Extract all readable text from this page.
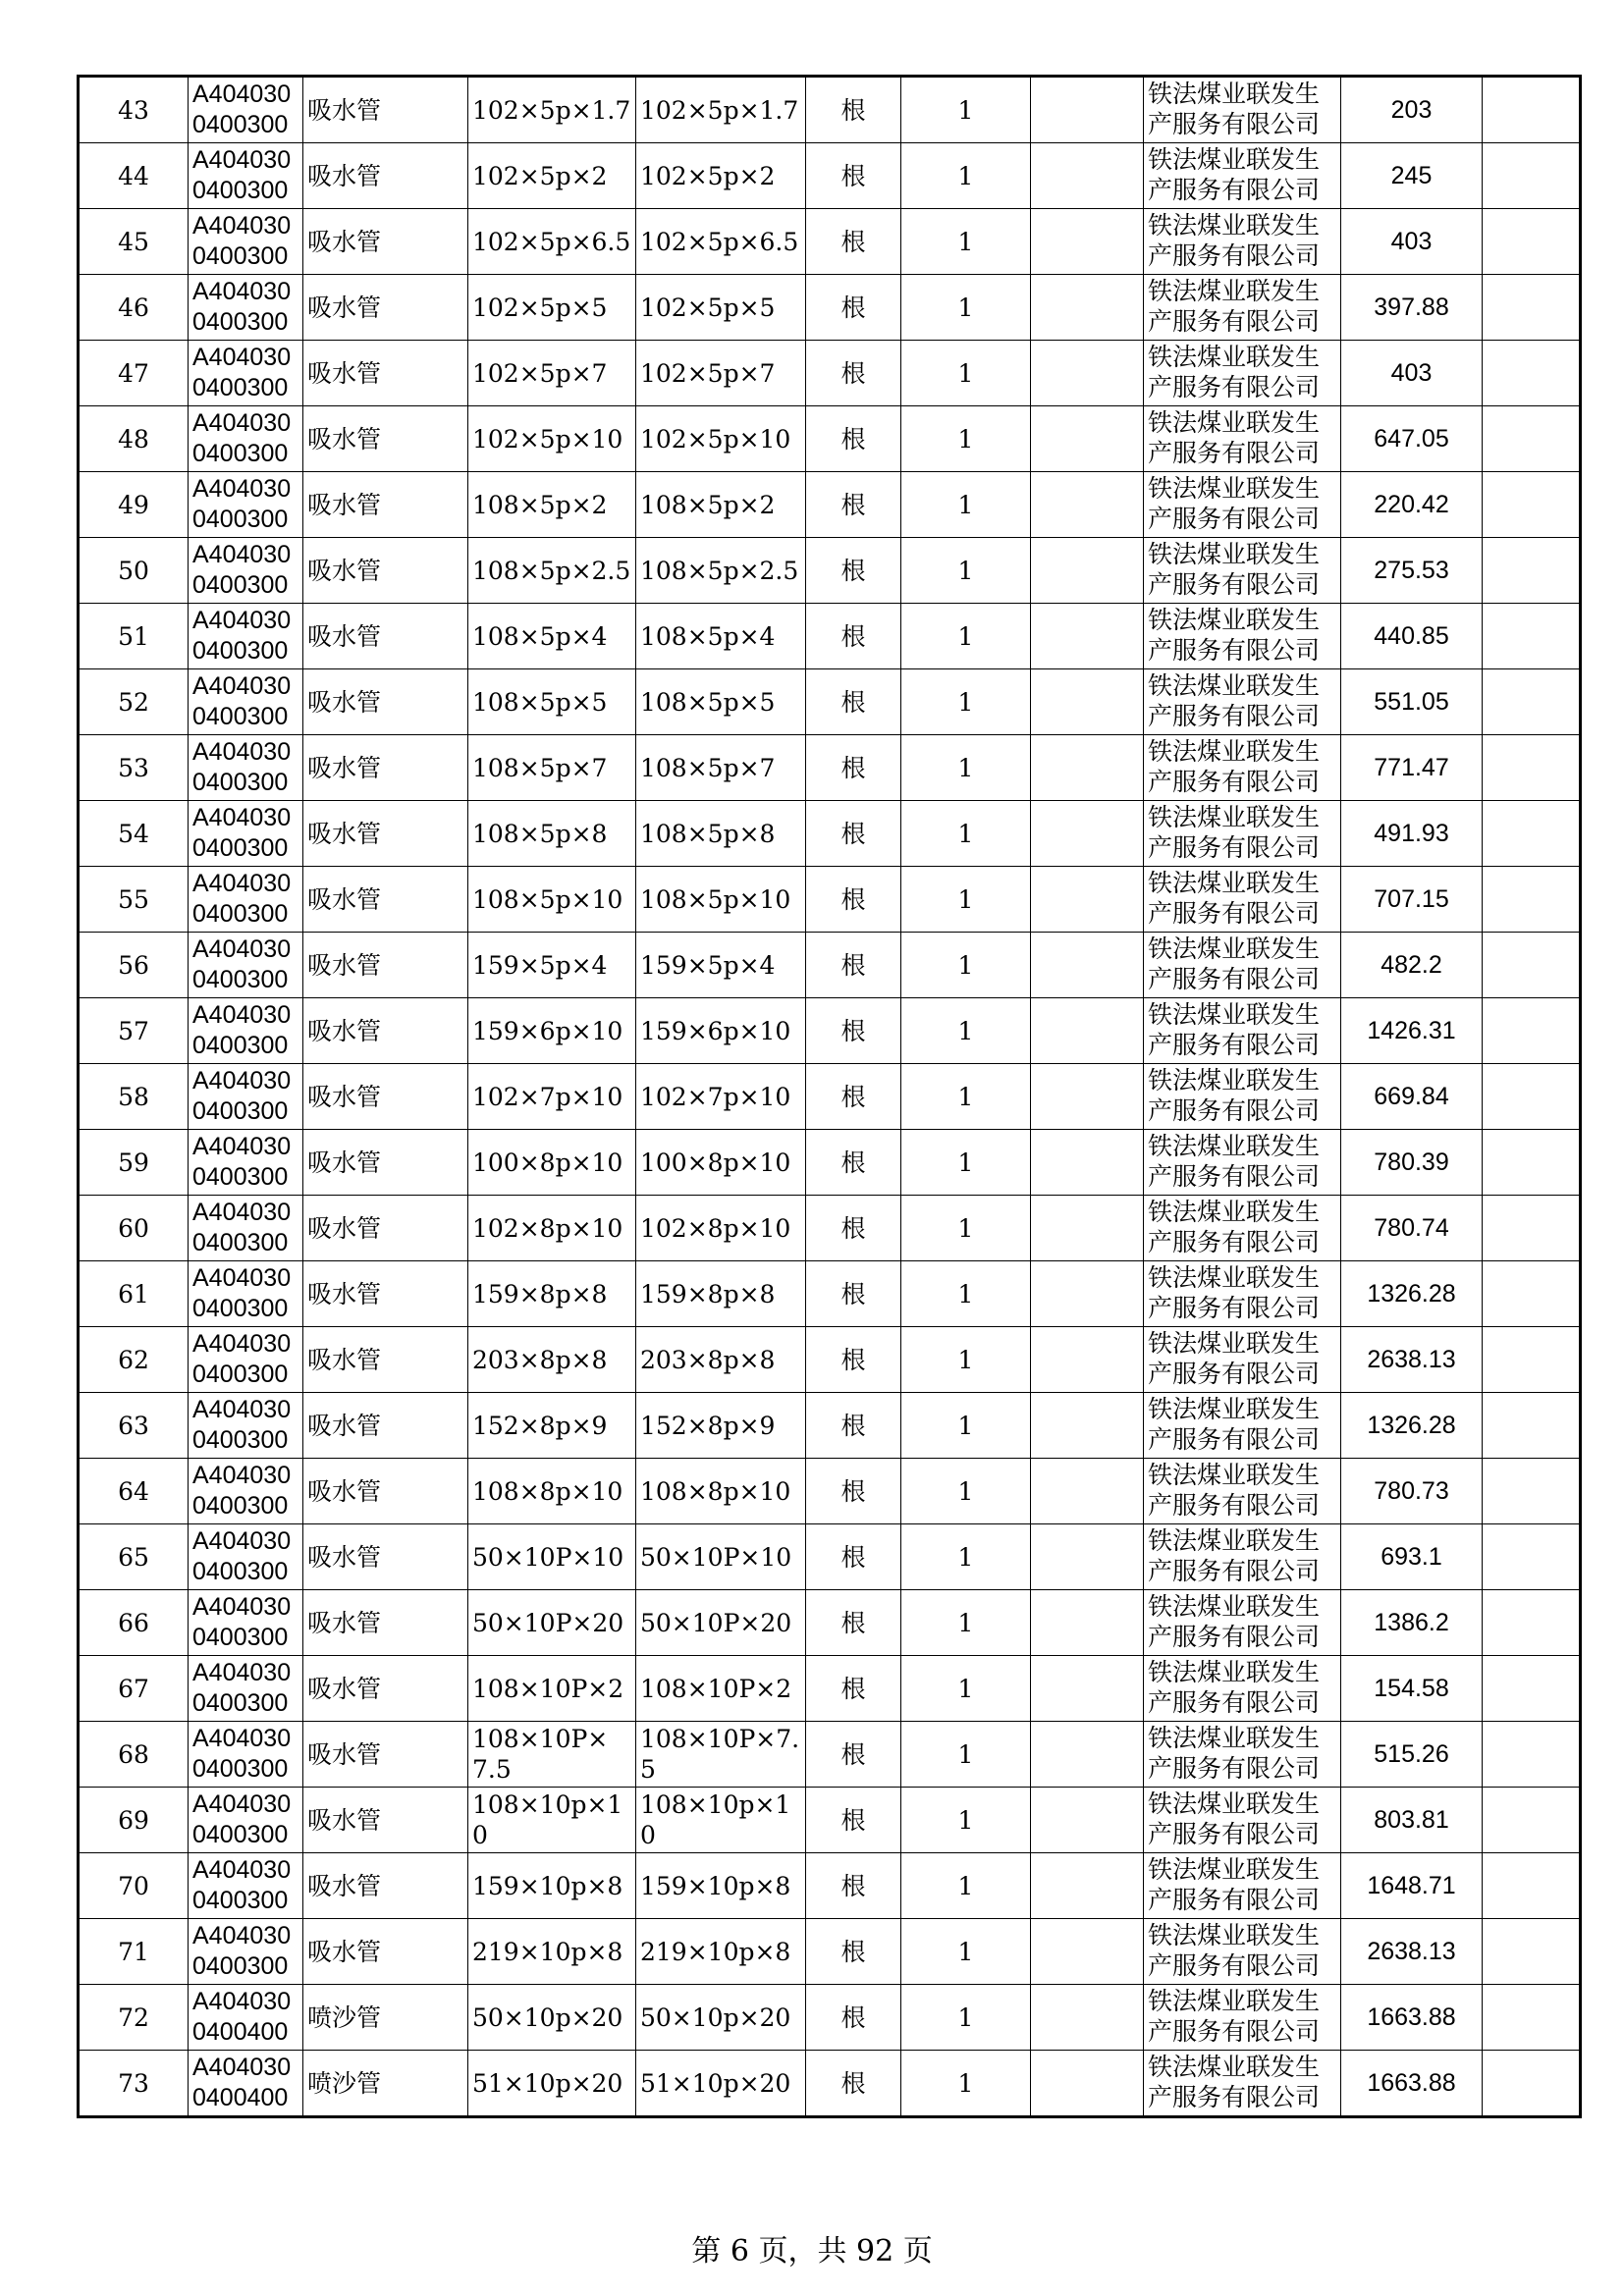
43	A4040300400300	吸水管	102×5p×1.7	102×5p×1.7	根	1		铁法煤业联发生产服务有限公司	203	
44	A4040300400300	吸水管	102×5p×2	102×5p×2	根	1		铁法煤业联发生产服务有限公司	245	
45	A4040300400300	吸水管	102×5p×6.5	102×5p×6.5	根	1		铁法煤业联发生产服务有限公司	403	
46	A4040300400300	吸水管	102×5p×5	102×5p×5	根	1		铁法煤业联发生产服务有限公司	397.88	
47	A4040300400300	吸水管	102×5p×7	102×5p×7	根	1		铁法煤业联发生产服务有限公司	403	
48	A4040300400300	吸水管	102×5p×10	102×5p×10	根	1		铁法煤业联发生产服务有限公司	647.05	
49	A4040300400300	吸水管	108×5p×2	108×5p×2	根	1		铁法煤业联发生产服务有限公司	220.42	
50	A4040300400300	吸水管	108×5p×2.5	108×5p×2.5	根	1		铁法煤业联发生产服务有限公司	275.53	
51	A4040300400300	吸水管	108×5p×4	108×5p×4	根	1		铁法煤业联发生产服务有限公司	440.85	
52	A4040300400300	吸水管	108×5p×5	108×5p×5	根	1		铁法煤业联发生产服务有限公司	551.05	
53	A4040300400300	吸水管	108×5p×7	108×5p×7	根	1		铁法煤业联发生产服务有限公司	771.47	
54	A4040300400300	吸水管	108×5p×8	108×5p×8	根	1		铁法煤业联发生产服务有限公司	491.93	
55	A4040300400300	吸水管	108×5p×10	108×5p×10	根	1		铁法煤业联发生产服务有限公司	707.15	
56	A4040300400300	吸水管	159×5p×4	159×5p×4	根	1		铁法煤业联发生产服务有限公司	482.2	
57	A4040300400300	吸水管	159×6p×10	159×6p×10	根	1		铁法煤业联发生产服务有限公司	1426.31	
58	A4040300400300	吸水管	102×7p×10	102×7p×10	根	1		铁法煤业联发生产服务有限公司	669.84	
59	A4040300400300	吸水管	100×8p×10	100×8p×10	根	1		铁法煤业联发生产服务有限公司	780.39	
60	A4040300400300	吸水管	102×8p×10	102×8p×10	根	1		铁法煤业联发生产服务有限公司	780.74	
61	A4040300400300	吸水管	159×8p×8	159×8p×8	根	1		铁法煤业联发生产服务有限公司	1326.28	
62	A4040300400300	吸水管	203×8p×8	203×8p×8	根	1		铁法煤业联发生产服务有限公司	2638.13	
63	A4040300400300	吸水管	152×8p×9	152×8p×9	根	1		铁法煤业联发生产服务有限公司	1326.28	
64	A4040300400300	吸水管	108×8p×10	108×8p×10	根	1		铁法煤业联发生产服务有限公司	780.73	
65	A4040300400300	吸水管	50×10P×10	50×10P×10	根	1		铁法煤业联发生产服务有限公司	693.1	
66	A4040300400300	吸水管	50×10P×20	50×10P×20	根	1		铁法煤业联发生产服务有限公司	1386.2	
67	A4040300400300	吸水管	108×10P×2	108×10P×2	根	1		铁法煤业联发生产服务有限公司	154.58	
68	A4040300400300	吸水管	108×10P×7.5	108×10P×7.5	根	1		铁法煤业联发生产服务有限公司	515.26	
69	A4040300400300	吸水管	108×10p×10	108×10p×10	根	1		铁法煤业联发生产服务有限公司	803.81	
70	A4040300400300	吸水管	159×10p×8	159×10p×8	根	1		铁法煤业联发生产服务有限公司	1648.71	
71	A4040300400300	吸水管	219×10p×8	219×10p×8	根	1		铁法煤业联发生产服务有限公司	2638.13	
72	A4040300400400	喷沙管	50×10p×20	50×10p×20	根	1		铁法煤业联发生产服务有限公司	1663.88	
73	A4040300400400	喷沙管	51×10p×20	51×10p×20	根	1		铁法煤业联发生产服务有限公司	1663.88	
第 6 页，共 92 页
